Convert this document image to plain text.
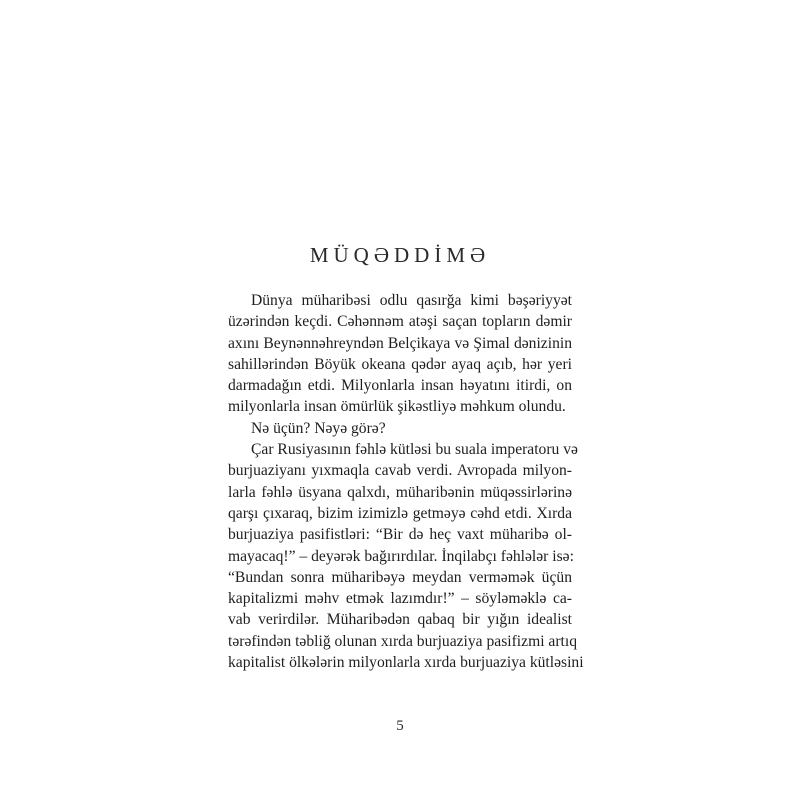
MÜQƏDDİMƏ
Dünya müharibəsi odlu qasırğa kimi bəşəriyyət
üzərindən keçdi. Cəhənnəm atəşi saçan topların dəmir
axını Beynənnəhreyndən Belçikaya və Şimal dənizinin
sahillərindən Böyük okeana qədər ayaq açıb, hər yeri
darmadağın etdi. Milyonlarla insan həyatını itirdi, on
milyonlarla insan ömürlük şikəstliyə məhkum olundu.
Nə üçün? Nəyə görə?
Çar Rusiyasının fəhlə kütləsi bu suala imperatoru və
burjuaziyanı yıxmaqla cavab verdi. Avropada milyon-
larla fəhlə üsyana qalxdı, müharibənin müqəssirlərinə
qarşı çıxaraq, bizim izimizlə getməyə cəhd etdi. Xırda
burjuaziya pasifistləri: “Bir də heç vaxt müharibə ol-
mayacaq!” – deyərək bağırırdılar. İnqilabçı fəhlələr isə:
“Bundan sonra müharibəyə meydan verməmək üçün
kapitalizmi məhv etmək lazımdır!” – söyləməklə ca-
vab verirdilər. Müharibədən qabaq bir yığın idealist
tərəfindən təbliğ olunan xırda burjuaziya pasifizmi artıq
kapitalist ölkələrin milyonlarla xırda burjuaziya kütləsini
5
